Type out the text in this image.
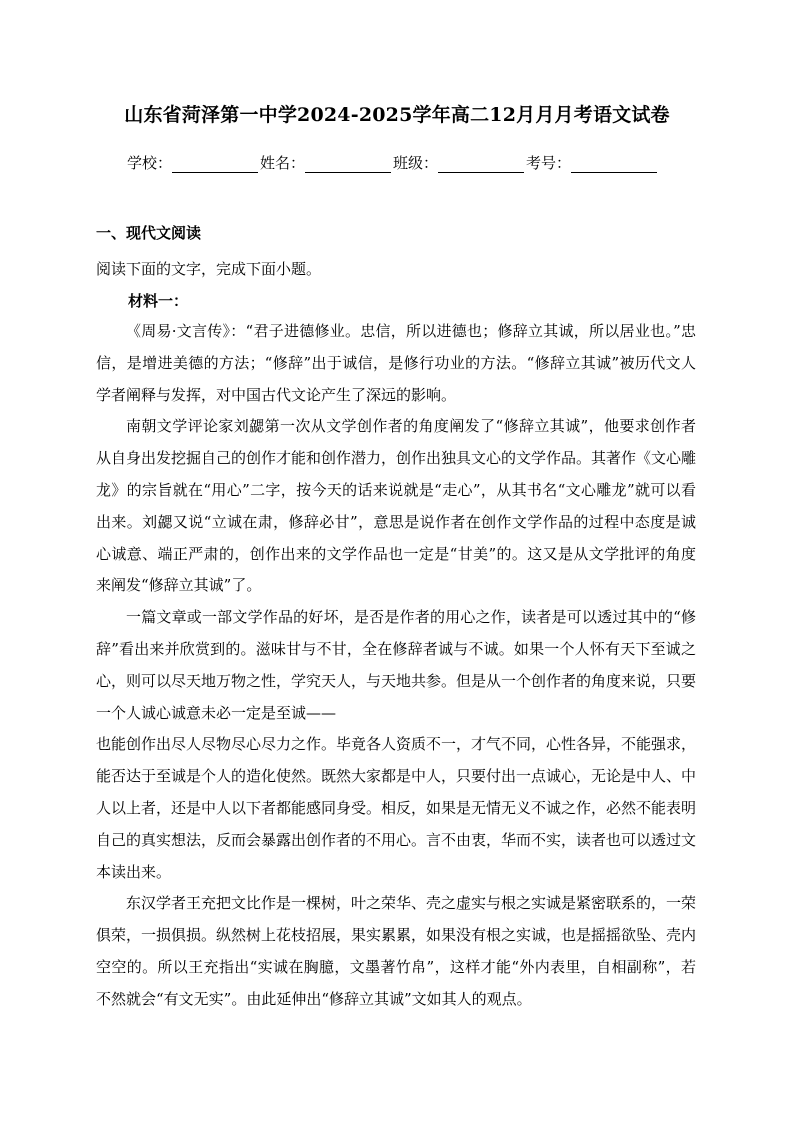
山东省菏泽第一中学2024-2025学年高二12月月月考语文试卷
学校：	姓名：	班级：	考号：
一、现代文阅读
阅读下面的文字，完成下面小题。
材料一：

《周易·文言传》：“君子进德修业。忠信，所以进德也；修辞立其诚，所以居业也。”忠信，是增进美德的方法；“修辞”出于诚信，是修行功业的方法。“修辞立其诚”被历代文人学者阐释与发挥，对中国古代文论产生了深远的影响。

南朝文学评论家刘勰第一次从文学创作者的角度阐发了“修辞立其诚”，他要求创作者从自身出发挖掘自己的创作才能和创作潜力，创作出独具文心的文学作品。其著作《文心雕龙》的宗旨就在“用心”二字，按今天的话来说就是“走心”，从其书名“文心雕龙”就可以看出来。刘勰又说“立诚在肃，修辞必甘”，意思是说作者在创作文学作品的过程中态度是诚心诚意、端正严肃的，创作出来的文学作品也一定是“甘美”的。这又是从文学批评的角度来阐发“修辞立其诚”了。

一篇文章或一部文学作品的好坏，是否是作者的用心之作，读者是可以透过其中的“修辞”看出来并欣赏到的。滋味甘与不甘，全在修辞者诚与不诚。如果一个人怀有天下至诚之心，则可以尽天地万物之性，学究天人，与天地共参。但是从一个创作者的角度来说，只要一个人诚心诚意未必一定是至诚——

也能创作出尽人尽物尽心尽力之作。毕竟各人资质不一，才气不同，心性各异，不能强求，能否达于至诚是个人的造化使然。既然大家都是中人，只要付出一点诚心，无论是中人、中人以上者，还是中人以下者都能感同身受。相反，如果是无情无义不诚之作，必然不能表明自己的真实想法，反而会暴露出创作者的不用心。言不由衷，华而不实，读者也可以透过文本读出来。

东汉学者王充把文比作是一棵树，叶之荣华、壳之虚实与根之实诚是紧密联系的，一荣俱荣，一损俱损。纵然树上花枝招展，果实累累，如果没有根之实诚，也是摇摇欲坠、壳内空空的。所以王充指出“实诚在胸臆，文墨著竹帛”，这样才能“外内表里，自相副称”，若不然就会“有文无实”。由此延伸出“修辞立其诚”文如其人的观点。
